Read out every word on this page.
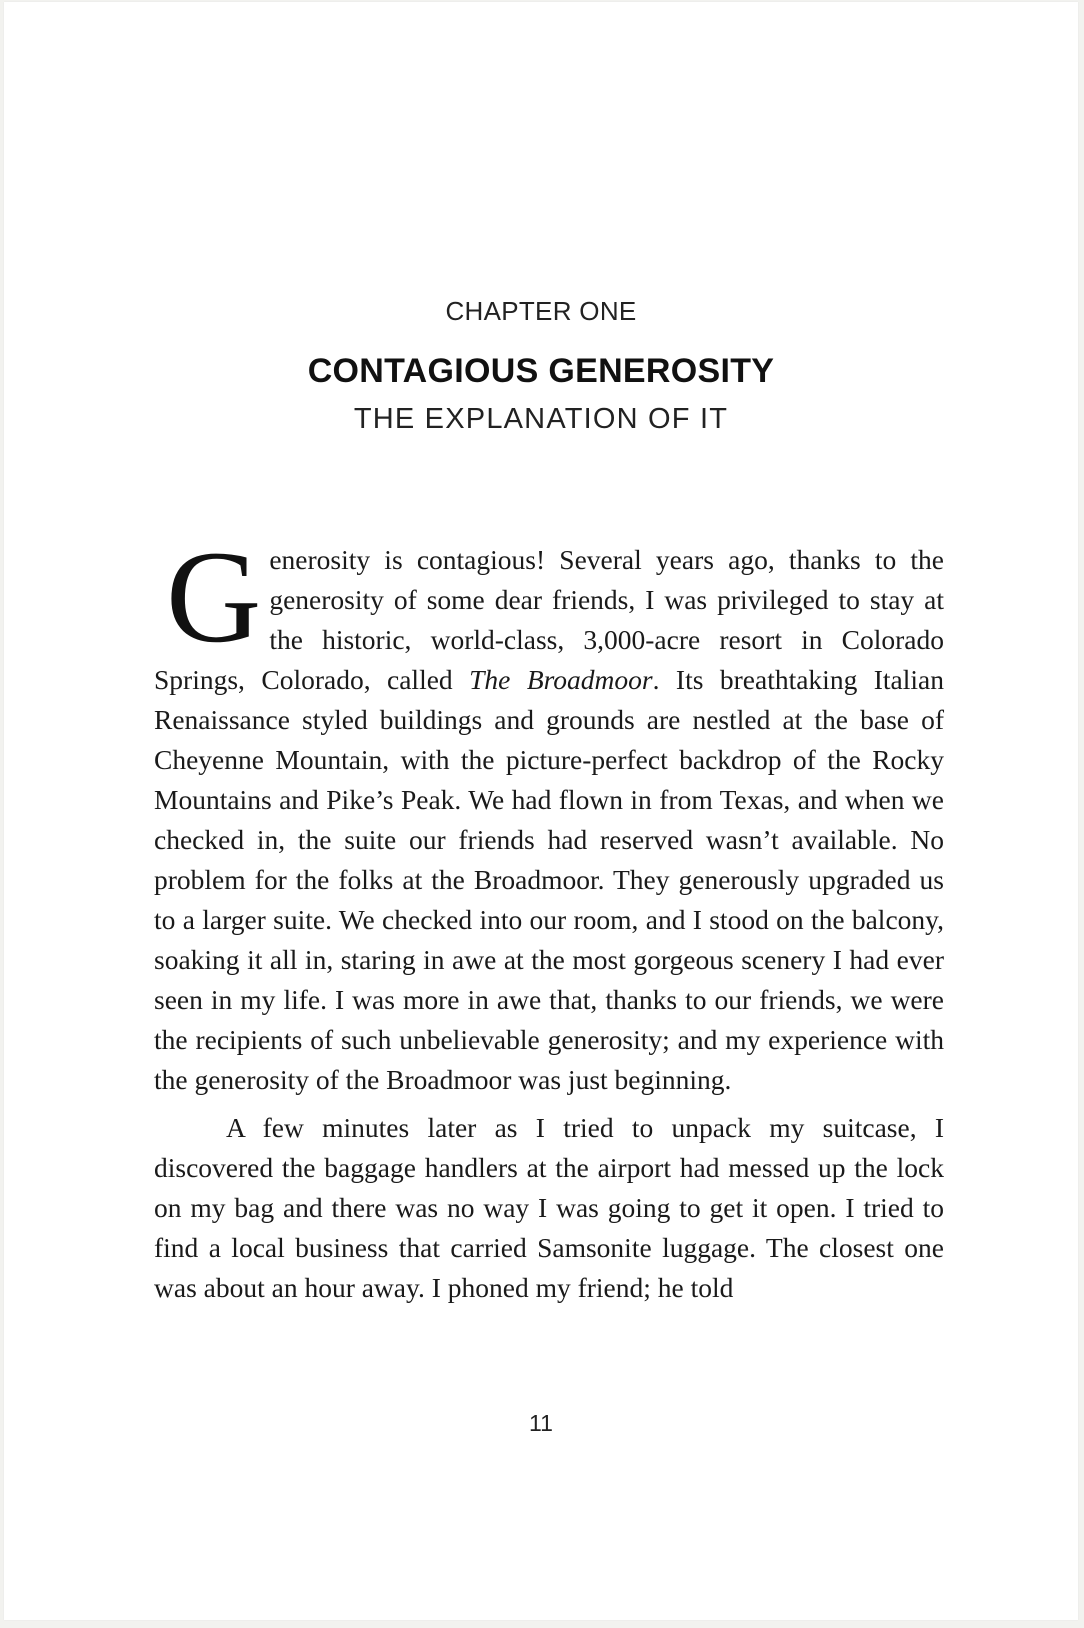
CHAPTER ONE
CONTAGIOUS GENEROSITY
THE EXPLANATION OF IT

Generosity is contagious! Several years ago, thanks to the generosity of some dear friends, I was privileged to stay at the historic, world-class, 3,000-acre resort in Colorado Springs, Colorado, called The Broadmoor. Its breathtaking Italian Renaissance styled buildings and grounds are nestled at the base of Cheyenne Mountain, with the picture-perfect backdrop of the Rocky Mountains and Pike’s Peak. We had flown in from Texas, and when we checked in, the suite our friends had reserved wasn’t available. No problem for the folks at the Broadmoor. They generously upgraded us to a larger suite. We checked into our room, and I stood on the balcony, soaking it all in, staring in awe at the most gorgeous scenery I had ever seen in my life. I was more in awe that, thanks to our friends, we were the recipients of such unbelievable generosity; and my experience with the generosity of the Broadmoor was just beginning.

A few minutes later as I tried to unpack my suitcase, I discovered the baggage handlers at the airport had messed up the lock on my bag and there was no way I was going to get it open. I tried to find a local business that carried Samsonite luggage. The closest one was about an hour away. I phoned my friend; he told

11
